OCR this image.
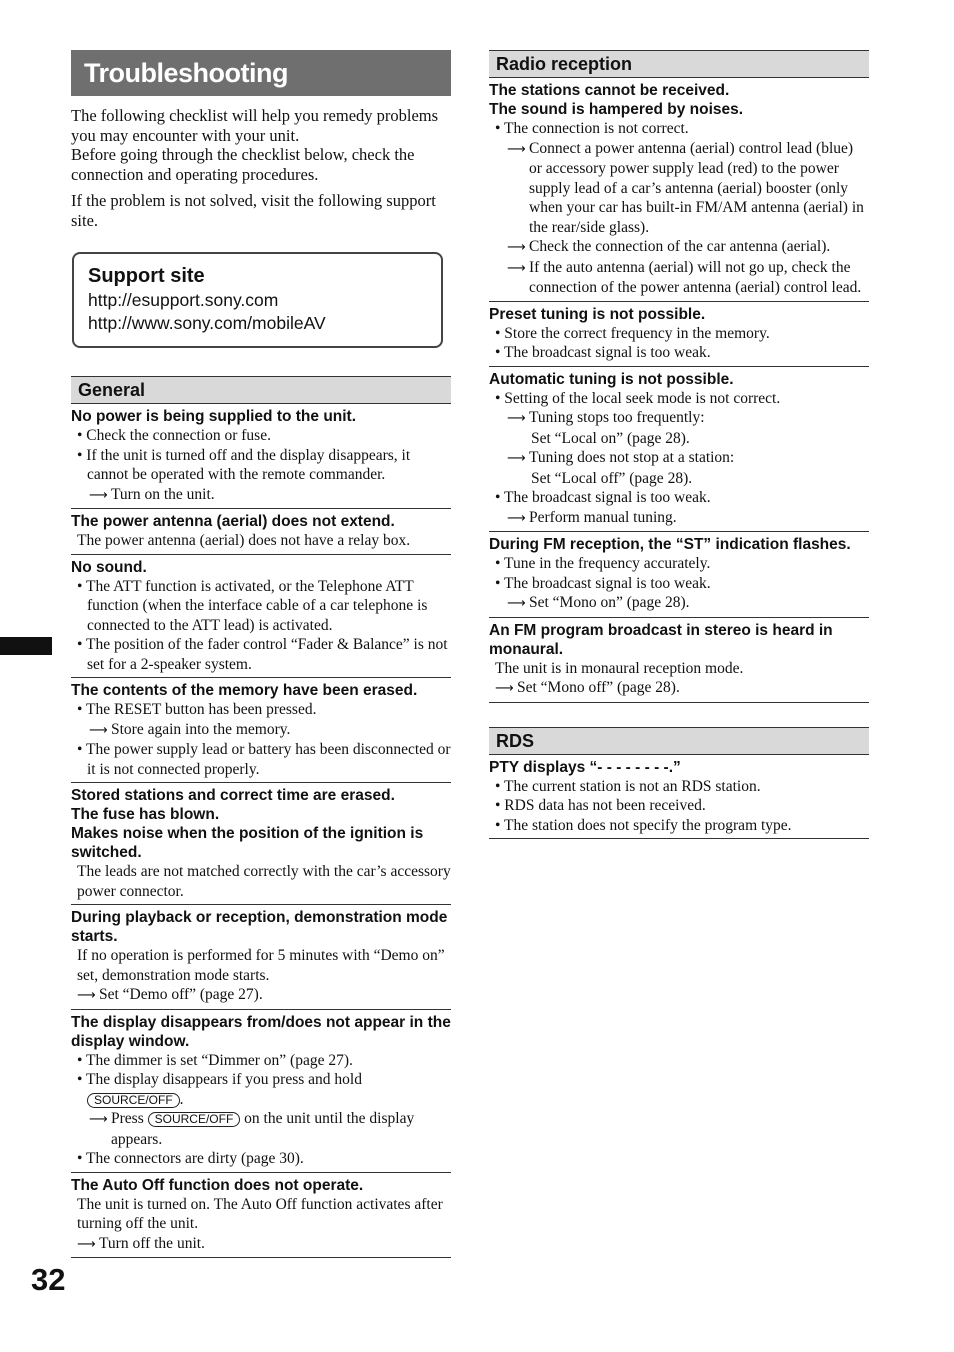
Troubleshooting

The following checklist will help you remedy problems you may encounter with your unit.
Before going through the checklist below, check the connection and operating procedures.

If the problem is not solved, visit the following support site.

Support site
http://esupport.sony.com
http://www.sony.com/mobileAV
General
No power is being supplied to the unit.
• Check the connection or fuse.
• If the unit is turned off and the display disappears, it cannot be operated with the remote commander.
⟶ Turn on the unit.
The power antenna (aerial) does not extend.
The power antenna (aerial) does not have a relay box.
No sound.
• The ATT function is activated, or the Telephone ATT function (when the interface cable of a car telephone is connected to the ATT lead) is activated.
• The position of the fader control “Fader & Balance” is not set for a 2-speaker system.
The contents of the memory have been erased.
• The RESET button has been pressed.
⟶ Store again into the memory.
• The power supply lead or battery has been disconnected or it is not connected properly.
Stored stations and correct time are erased.
The fuse has blown.
Makes noise when the position of the ignition is switched.
The leads are not matched correctly with the car’s accessory power connector.
During playback or reception, demonstration mode starts.
If no operation is performed for 5 minutes with “Demo on” set, demonstration mode starts.
⟶ Set “Demo off” (page 27).
The display disappears from/does not appear in the display window.
• The dimmer is set “Dimmer on” (page 27).
• The display disappears if you press and hold
SOURCE/OFF .
⟶ Press SOURCE/OFF on the unit until the display appears.
• The connectors are dirty (page 30).
The Auto Off function does not operate.
The unit is turned on. The Auto Off function activates after turning off the unit.
⟶ Turn off the unit.
Radio reception
The stations cannot be received.
The sound is hampered by noises.
• The connection is not correct.
⟶ Connect a power antenna (aerial) control lead (blue) or accessory power supply lead (red) to the power supply lead of a car’s antenna (aerial) booster (only when your car has built-in FM/AM antenna (aerial) in the rear/side glass).
⟶ Check the connection of the car antenna (aerial).
⟶ If the auto antenna (aerial) will not go up, check the connection of the power antenna (aerial) control lead.
Preset tuning is not possible.
• Store the correct frequency in the memory.
• The broadcast signal is too weak.
Automatic tuning is not possible.
• Setting of the local seek mode is not correct.
⟶ Tuning stops too frequently:
Set “Local on” (page 28).
⟶ Tuning does not stop at a station:
Set “Local off” (page 28).
• The broadcast signal is too weak.
⟶ Perform manual tuning.
During FM reception, the “ST” indication flashes.
• Tune in the frequency accurately.
• The broadcast signal is too weak.
⟶ Set “Mono on” (page 28).
An FM program broadcast in stereo is heard in monaural.
The unit is in monaural reception mode.
⟶ Set “Mono off” (page 28).
RDS
PTY displays “- - - - - - - -.”
• The current station is not an RDS station.
• RDS data has not been received.
• The station does not specify the program type.
32
